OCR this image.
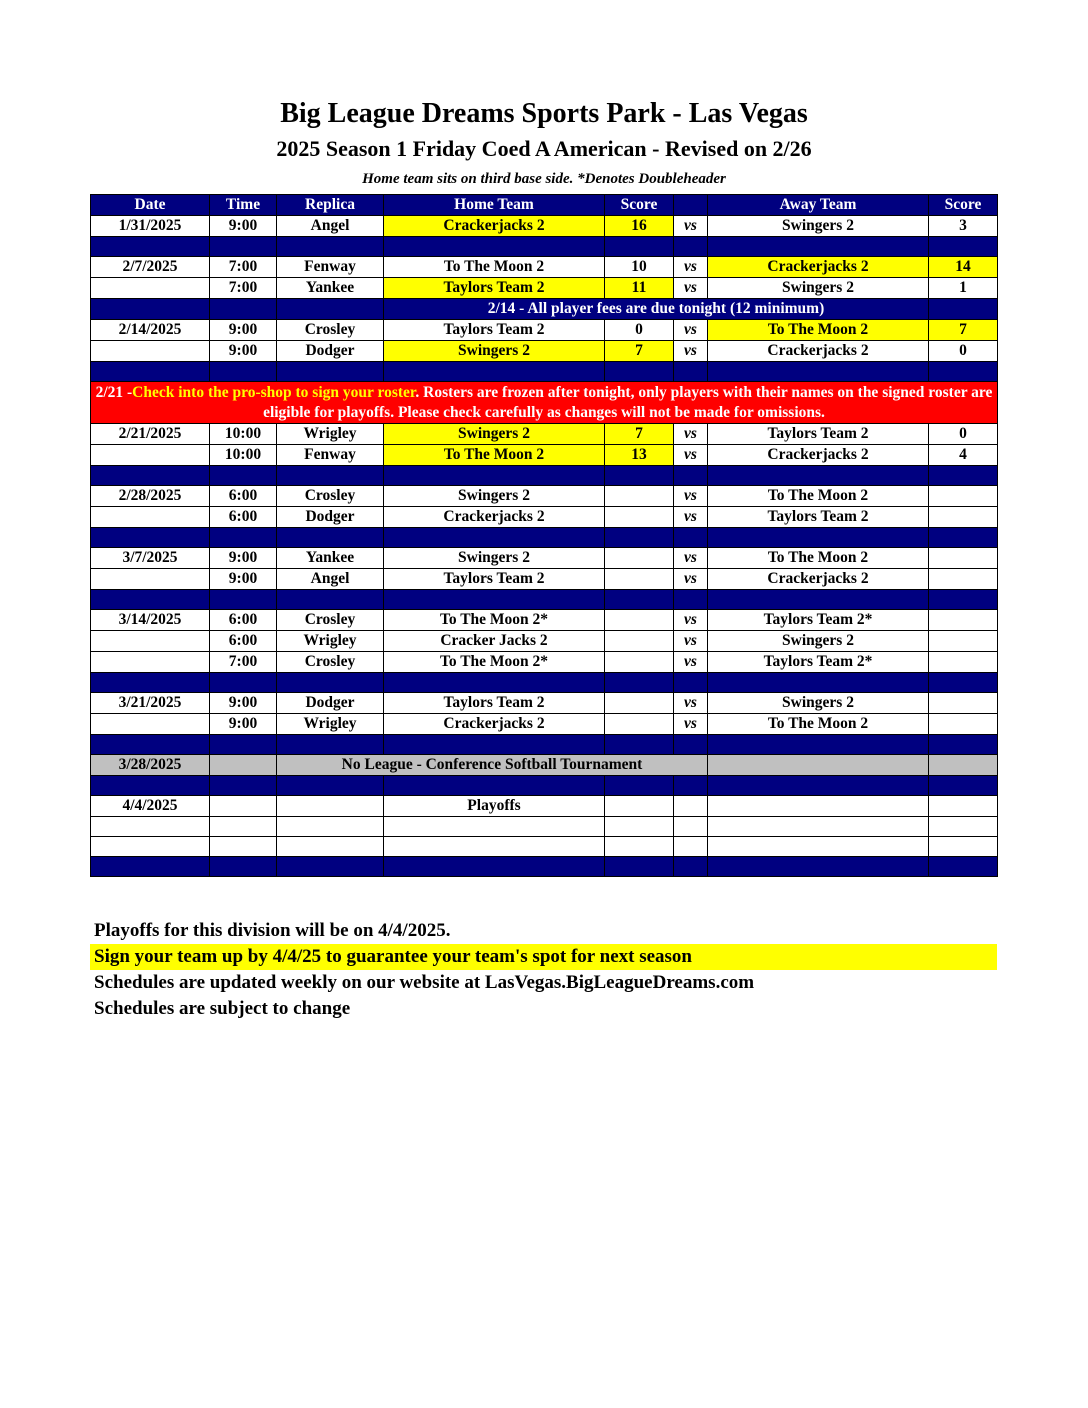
Big League Dreams Sports Park - Las Vegas
2025 Season 1 Friday Coed A American - Revised on 2/26
Home team sits on third base side. *Denotes Doubleheader
Date	Time	Replica	Home Team	Score		Away Team	Score
1/31/2025	9:00	Angel	Crackerjacks 2	16	vs	Swingers 2	3

2/7/2025	7:00	Fenway	To The Moon 2	10	vs	Crackerjacks 2	14
	7:00	Yankee	Taylors Team 2	11	vs	Swingers 2	1
			2/14 - All player fees are due tonight (12 minimum)				
2/14/2025	9:00	Crosley	Taylors Team 2	0	vs	To The Moon 2	7
	9:00	Dodger	Swingers 2	7	vs	Crackerjacks 2	0

2/21 -Check into the pro-shop to sign your roster. Rosters are frozen after tonight, only players with their names on the signed roster are eligible for playoffs. Please check carefully as changes will not be made for omissions.							
2/21/2025	10:00	Wrigley	Swingers 2	7	vs	Taylors Team 2	0
	10:00	Fenway	To The Moon 2	13	vs	Crackerjacks 2	4

2/28/2025	6:00	Crosley	Swingers 2		vs	To The Moon 2	
	6:00	Dodger	Crackerjacks 2		vs	Taylors Team 2	

3/7/2025	9:00	Yankee	Swingers 2		vs	To The Moon 2	
	9:00	Angel	Taylors Team 2		vs	Crackerjacks 2	

3/14/2025	6:00	Crosley	To The Moon 2*		vs	Taylors Team 2*	
	6:00	Wrigley	Cracker Jacks 2		vs	Swingers 2	
	7:00	Crosley	To The Moon 2*		vs	Taylors Team 2*	

3/21/2025	9:00	Dodger	Taylors Team 2		vs	Swingers 2	
	9:00	Wrigley	Crackerjacks 2		vs	To The Moon 2	

3/28/2025		No League - Conference Softball Tournament					

4/4/2025			Playoffs				

Playoffs for this division will be on 4/4/2025.
Sign your team up by 4/4/25 to guarantee your team's spot for next season
Schedules are updated weekly on our website at LasVegas.BigLeagueDreams.com
Schedules are subject to change
